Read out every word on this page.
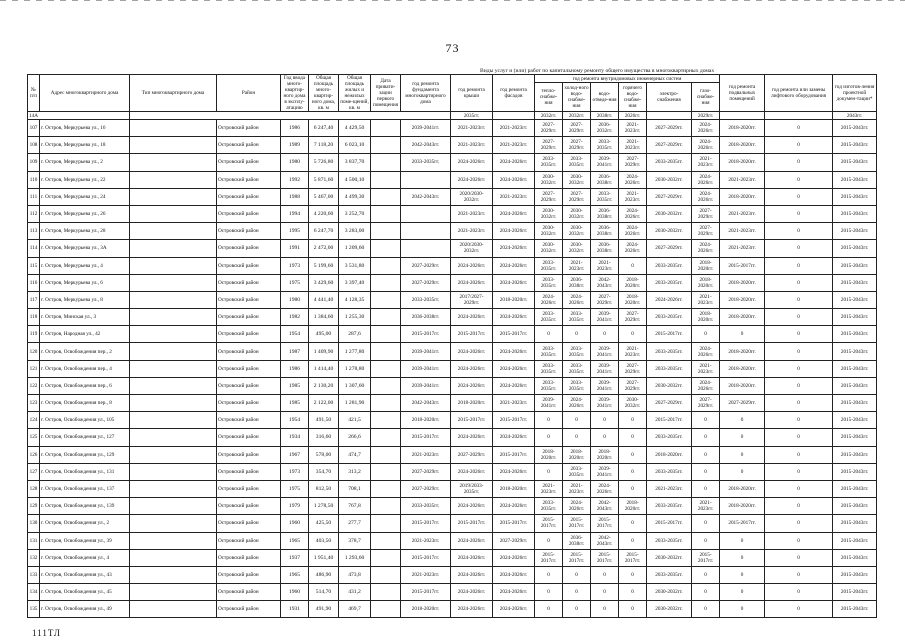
73
Виды услуг и (или) работ по капитальному ремонту общего имущества в многоквартирных домах
№ п/п	Адрес многоквартирного дома	Тип многоквартирного дома	Район	Год ввода много-квартир-ного дома в эксплу-атацию	Общая площадь много-квартир-ного дома, кв. м	Общая площадь жилых и нежилых поме-щений, кв. м	Дата привати-зации первого помещения	год ремонта фундамента многоквартирного дома	год ремонта крыши	год ремонта фасадов	год ремонта внутридомовых инженерных систем						год ремонта подвальных помещений	год ремонта или замены лифтового оборудования	год изготов-ления проектной докумен-тации*
											тепло-снабже-ния	холод-ного водо-снабже-ния	водо-отведе-ния	горячего водо-снабже-ния	электро-снабжения	газо-снабже-ния			
14А									2035гг.		2032гг.	2032гг.	2038гг.	2026гг.		2029гг.			2043гг.
107	г. Остров, Меркурьева ул., 16		Островский район	1986	6 247,40	4 429,50		2039-2041гг.	2021-2023гг.	2021-2023гг.	2027-2029гг.	2027-2029гг.	2036-2032гг.	2021-2023гг.	2027-2029гг.	2024-2026гг.	2018-2020гг.	0	2015-2043гг.
108	г. Остров, Меркурьева ул., 18		Островский район	1989	7 118,20	6 023,10		2042-2043гг.	2021-2023гг.	2021-2023гг.	2027-2029гг.	2027-2029гг.	2033-2035гг.	2021-2023гг.	2027-2029гг.	2024-2026гг.	2018-2020гг.	0	2015-2043гг.
109	г. Остров, Меркурьева ул., 2		Островский район	1980	5 726,80	3 837,70		2033-2035гг.	2024-2026гг.	2024-2026гг.	2033-2035гг.	2033-2035гг.	2039-2041гг.	2027-2029гг.	2033-2035гг.	2021-2023гг.	2018-2020гг.	0	2015-2043гг.
110	г. Остров, Меркурьева ул., 22		Островский район	1992	5 871,60	4 500,10			2024-2026гг.	2024-2026гг.	2030-2032гг.	2030-2032гг.	2036-2038гг.	2024-2026гг.	2030-2032гг.	2024-2026гг.	2021-2023гг.	0	2015-2043гг.
111	г. Остров, Меркурьева ул., 24		Островский район	1988	5 467,00	4 499,30		2042-2043гг.	2020/2030-2032гг.	2021-2023гг.	2027-2029гг.	2027-2029гг.	2033-2035гг.	2021-2023гг.	2027-2029гг.	2024-2026гг.	2018-2020гг.	0	2015-2043гг.
112	г. Остров, Меркурьева ул., 26		Островский район	1994	4 220,60	3 252,70			2021-2023гг.	2024-2026гг.	2030-2032гг.	2030-2032гг.	2036-2038гг.	2024-2026гг.	2030-2032гг.	2027-2029гг.	2021-2023гг.	0	2015-2043гг.
113	г. Остров, Меркурьева ул., 28		Островский район	1995	6 247,70	3 283,00			2021-2023гг.	2024-2026гг.	2030-2032гг.	2030-2032гг.	2036-2038гг.	2024-2026гг.	2030-2032гг.	2027-2029гг.	2021-2023гг.	0	2015-2043гг.
114	г. Остров, Меркурьева ул., 3А		Островский район	1991	2 472,00	1 209,60			2020/2030-2032гг.	2024-2026гг.	2030-2032гг.	2030-2032гг.	2036-2038гг.	2024-2026гг.	2027-2029гг.	2024-2026гг.	2021-2023гг.	0	2015-2043гг.
115	г. Остров, Меркурьева ул., 4		Островский район	1973	5 199,60	3 531,80		2027-2029гг.	2024-2026гг.	2024-2026гг.	2033-2035гг.	2021-2023гг.	2021-2023гг.	0	2033-2035гг.	2018-2020гг.	2015-2017гг.	0	2015-2043гг.
116	г. Остров, Меркурьева ул., 6		Островский район	1975	3 429,60	3 397,40		2027-2029гг.	2024-2026гг.	2024-2026гг.	2033-2035гг.	2036-2038гг.	2042-2043гг.	2018-2020гг.	2033-2035гг.	2018-2020гг.	2018-2020гг.	0	2015-2043гг.
117	г. Остров, Меркурьева ул., 8		Островский район	1980	4 441,40	4 128,35		2033-2035гг.	2017/2027-2029гг.	2018-2020гг.	2024-2026гг.	2024-2026гг.	2027-2029гг.	2018-2020гг.	2024-2026гг.	2021-2023гг.	2018-2020гг.	0	2015-2043гг.
118	г. Остров, Минская ул., 3		Островский район	1982	1 384,60	1 255,30		2036-2038гг.	2024-2026гг.	2024-2026гг.	2033-2035гг.	2033-2035гг.	2039-2041гг.	2027-2029гг.	2033-2035гг.	2018-2020гг.	2018-2020гг.	0	2015-2043гг.
119	г. Остров, Народная ул., 42		Островский район	1954	495,00	287,6		2015-2017гг.	2015-2017гг.	2015-2017гг.	0	0	0	0	2015-2017гг.	0	0	0	2015-2043гг.
120	г. Остров, Освобождения пер., 2		Островский район	1987	1 409,90	1 277,80		2039-2041гг.	2024-2026гг.	2024-2026гг.	2033-2035гг.	2033-2035гг.	2039-2041гг.	2021-2023гг.	2033-2035гг.	2024-2026гг.	2018-2020гг.	0	2015-2043гг.
121	г. Остров, Освобождения пер., 4		Островский район	1986	1 414,40	1 278,80		2039-2041гг.	2024-2026гг.	2024-2026гг.	2033-2035гг.	2033-2035гг.	2039-2041гг.	2027-2029гг.	2033-2035гг.	2021-2023гг.	2018-2020гг.	0	2015-2043гг.
122	г. Остров, Освобождения пер., 6		Островский район	1985	2 130,20	1 307,60		2039-2041гг.	2024-2026гг.	2024-2026гг.	2033-2035гг.	2033-2035гг.	2039-2041гг.	2027-2029гг.	2030-2032гг.	2024-2026гг.	2018-2020гг.	0	2015-2043гг.
123	г. Остров, Освобождения пер., 8		Островский район	1985	2 122,00	1 281,90		2042-2043гг.	2018-2020гг.	2021-2023гг.	2039-2041гг.	2024-2026гг.	2039-2041гг.	2030-2032гг.	2027-2029гг.	2027-2029гг.	2027-2029гг.	0	2015-2043гг.
124	г. Остров, Освобождения ул., 105		Островский район	1954	491,50	421,5		2018-2020гг.	2015-2017гг.	2015-2017гг.	0	0	0	0	2015-2017гг.	0	0	0	2015-2043гг.
125	г. Остров, Освобождения ул., 127		Островский район	1934	316,60	266,6		2015-2017гг.	2024-2026гг.	2024-2026гг.	0	0	0	0	2033-2035гг.	0	0	0	2015-2043гг.
126	г. Остров, Освобождения ул., 129		Островский район	1967	578,00	474,7		2021-2023гг.	2027-2029гг.	2015-2017гг.	2018-2020гг.	2018-2020гг.	2018-2020гг.	0	2018-2020гг.	0	0	0	2015-2043гг.
127	г. Остров, Освобождения ул., 131		Островский район	1973	354,70	313,2		2027-2029гг.	2024-2026гг.	2024-2026гг.	0	2033-2035гг.	2039-2041гг.	0	2033-2035гг.	0	0	0	2015-2043гг.
128	г. Остров, Освобождения ул., 137		Островский район	1975	812,50	708,1		2027-2029гг.	2019/2033-2035гг.	2018-2020гг.	2021-2023гг.	2021-2023гг.	2024-2026гг.	0	2021-2023гг.	0	2018-2020гг.	0	2015-2043гг.
129	г. Остров, Освобождения ул., 139		Островский район	1979	1 278,50	767,8		2033-2035гг.	2024-2026гг.	2024-2026гг.	2033-2035гг.	2024-2026гг.	2042-2043гг.	2018-2020гг.	2033-2035гг.	2021-2023гг.	2018-2020гг.	0	2015-2043гг.
130	г. Остров, Освобождения ул., 2		Островский район	1960	425,50	277,7		2015-2017гг.	2015-2017гг.	2015-2017гг.	2015-2017гг.	2015-2017гг.	2015-2017гг.	0	2015-2017гг.	0	2015-2017гг.	0	2015-2043гг.
131	г. Остров, Освобождения ул., 39		Островский район	1965	403,50	378,7		2021-2023гг.	2024-2026гг.	2027-2029гг.	0	2036-2038гг.	2042-2043гг.	0	2033-2035гг.	0	0	0	2015-2043гг.
132	г. Остров, Освобождения ул., 4		Островский район	1937	1 951,40	1 293,60		2015-2017гг.	2024-2026гг.	2024-2026гг.	2015-2017гг.	2015-2017гг.	2015-2017гг.	2015-2017гг.	2030-2032гг.	2015-2017гг.	0	0	2015-2043гг.
133	г. Остров, Освобождения ул., 43		Островский район	1965	486,90	473,8		2021-2023гг.	2024-2026гг.	2024-2026гг.	0	0	0	0	2033-2035гг.	0	0	0	2015-2043гг.
134	г. Остров, Освобождения ул., 45		Островский район	1960	514,70	431,2		2015-2017гг.	2024-2026гг.	2024-2026гг.	0	0	0	0	2030-2032гг.	0	0	0	2015-2043гг.
135	г. Остров, Освобождения ул., 49		Островский район	1931	491,90	469,7		2018-2020гг.	2024-2026гг.	2024-2026гг.	0	0	0	0	2030-2032гг.	0	0	0	2015-2043гг.
111ТЛ
